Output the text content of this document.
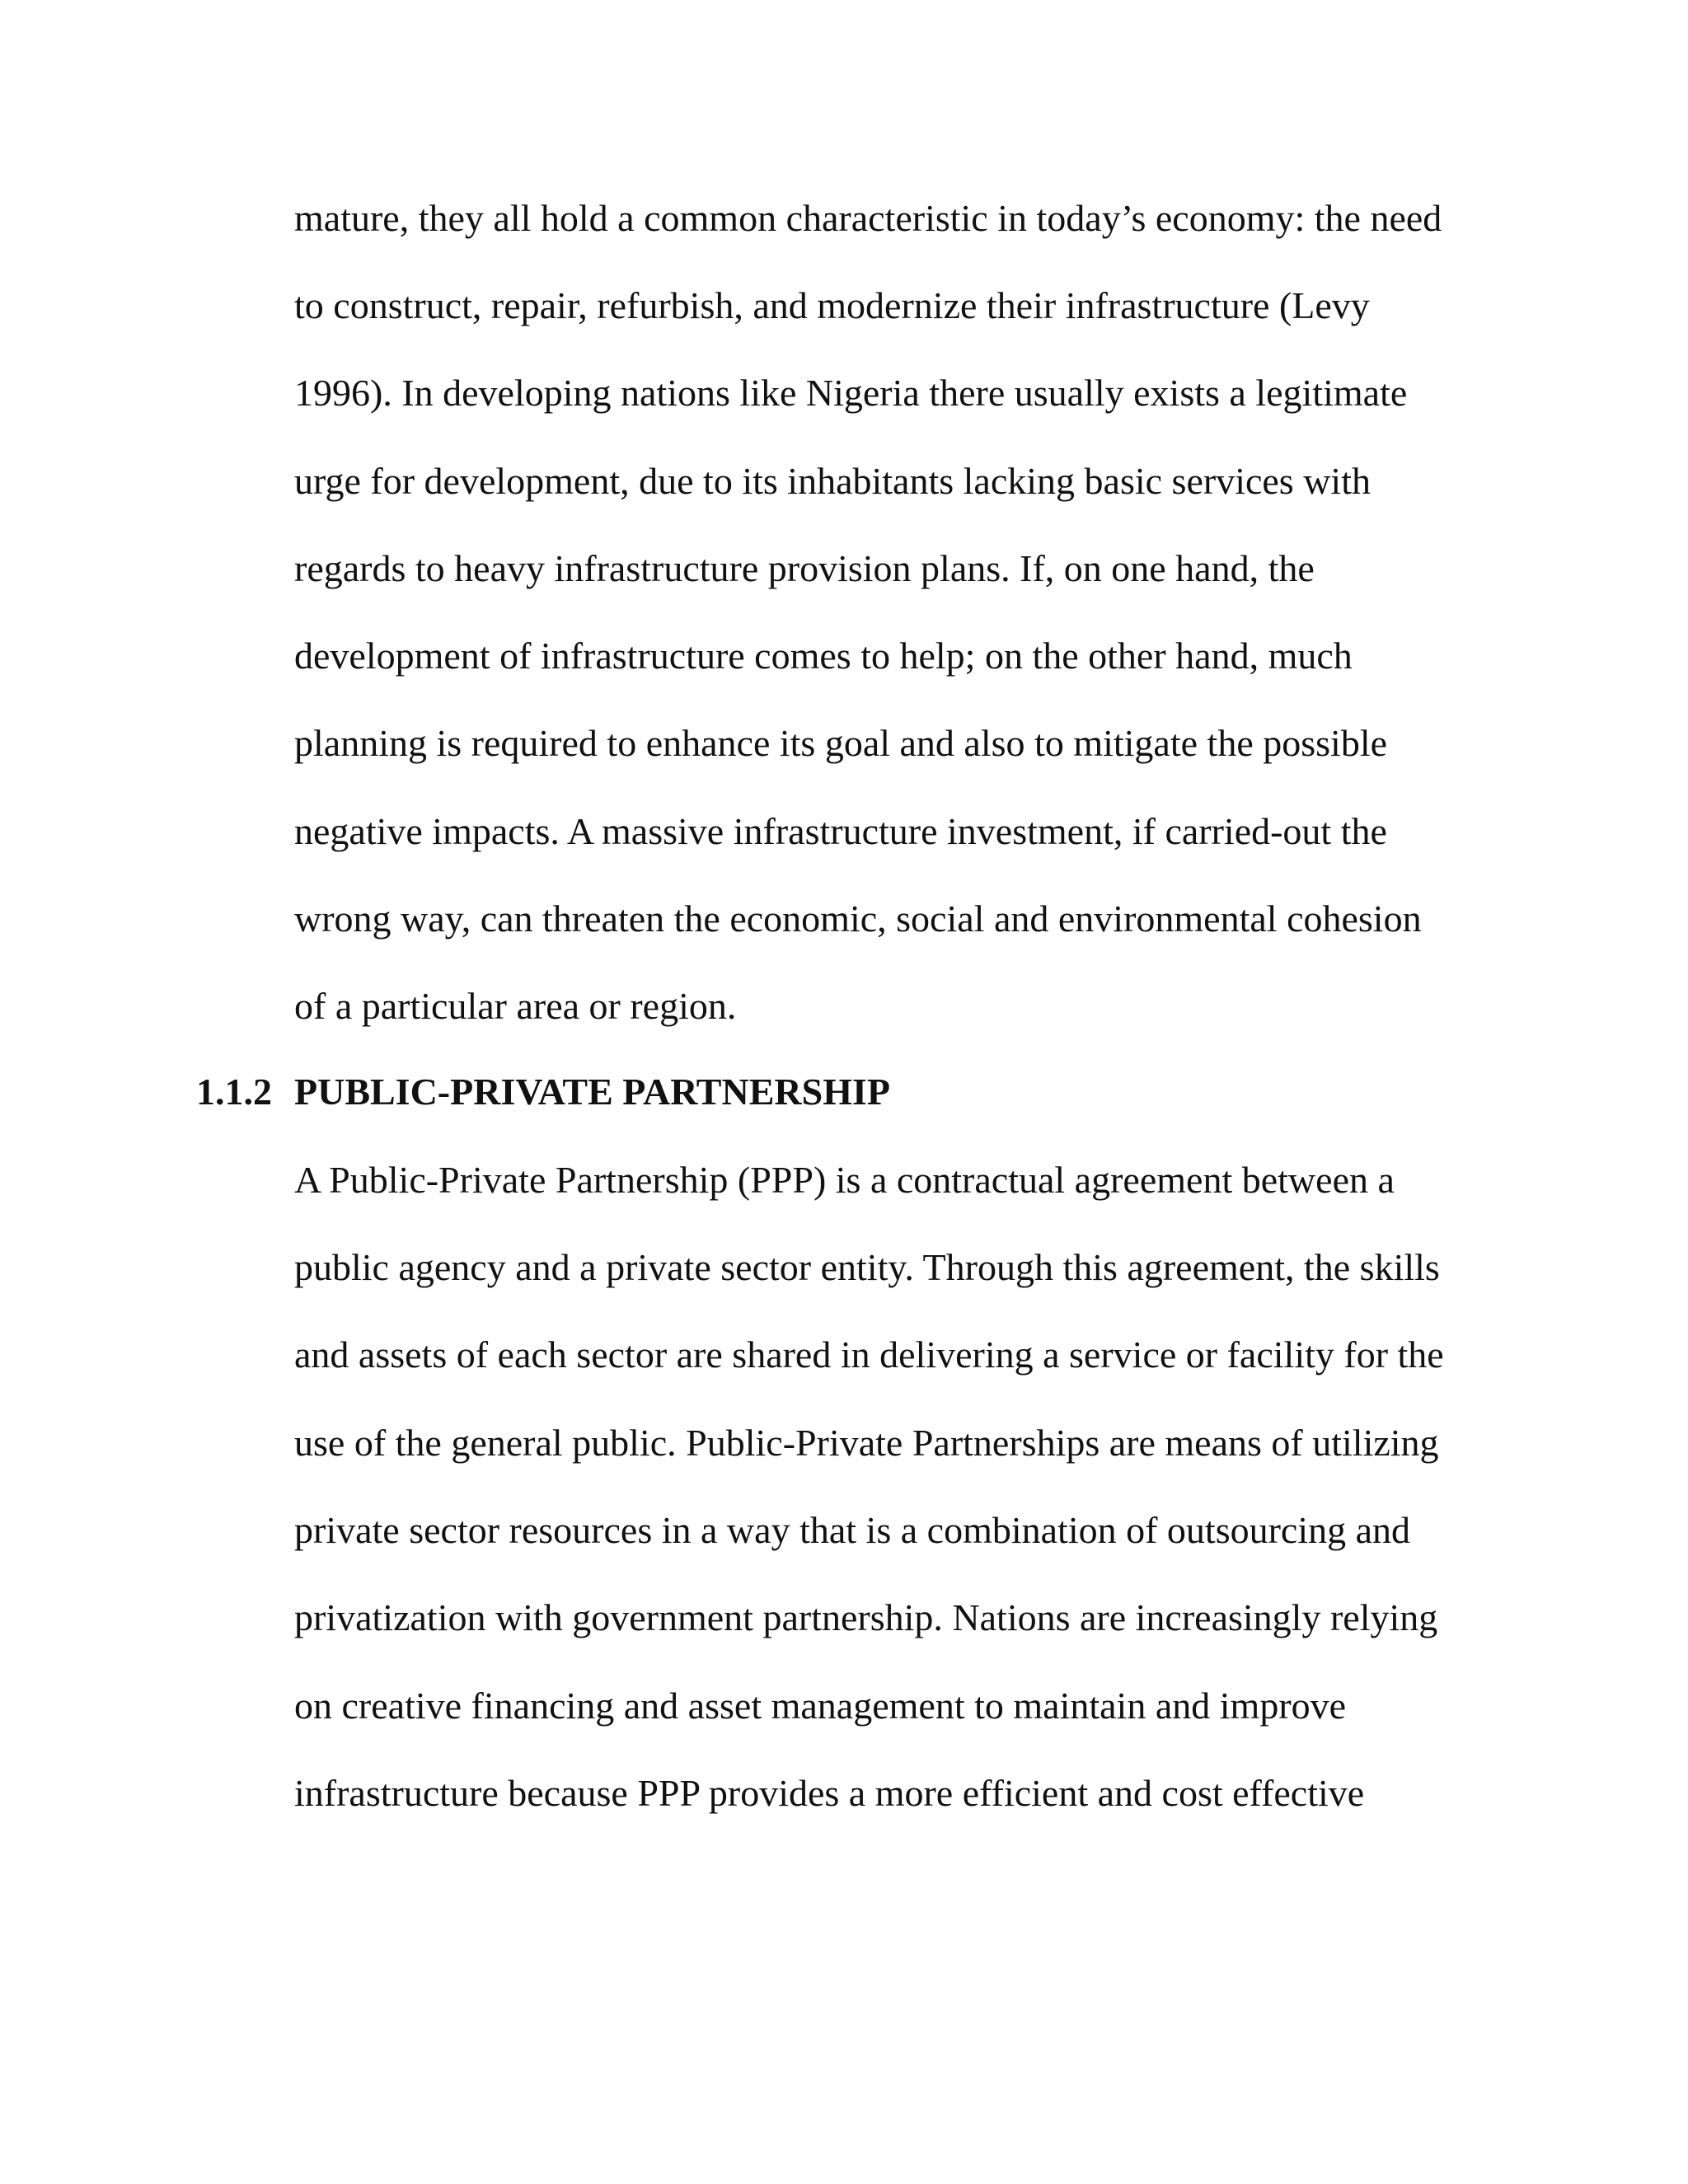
mature, they all hold a common characteristic in today’s economy: the need
to construct, repair, refurbish, and modernize their infrastructure (Levy
1996). In developing nations like Nigeria there usually exists a legitimate
urge for development, due to its inhabitants lacking basic services with
regards to heavy infrastructure provision plans. If, on one hand, the
development of infrastructure comes to help; on the other hand, much
planning is required to enhance its goal and also to mitigate the possible
negative impacts. A massive infrastructure investment, if carried-out the
wrong way, can threaten the economic, social and environmental cohesion
of a particular area or region.
1.1.2 PUBLIC-PRIVATE PARTNERSHIP
A Public-Private Partnership (PPP) is a contractual agreement between a
public agency and a private sector entity. Through this agreement, the skills
and assets of each sector are shared in delivering a service or facility for the
use of the general public. Public-Private Partnerships are means of utilizing
private sector resources in a way that is a combination of outsourcing and
privatization with government partnership. Nations are increasingly relying
on creative financing and asset management to maintain and improve
infrastructure because PPP provides a more efficient and cost effective
